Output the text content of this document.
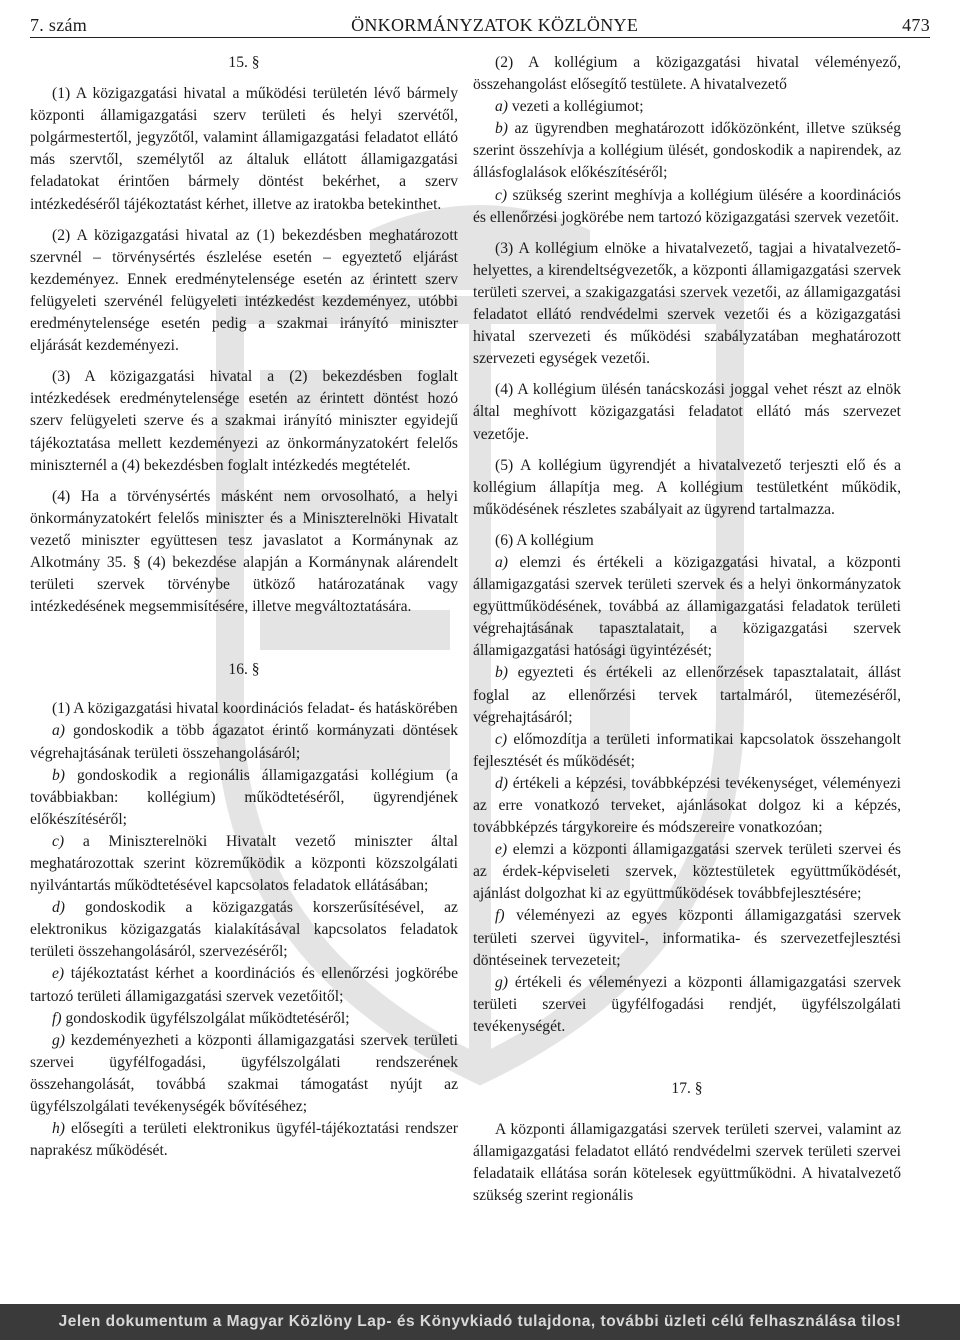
7. szám	ÖNKORMÁNYZATOK KÖZLÖNYE	473

15. §

(1) A közigazgatási hivatal a működési területén lévő bármely központi államigazgatási szerv területi és helyi szervétől, polgármestertől, jegyzőtől, valamint államigazgatási feladatot ellátó más szervtől, személytől az általuk ellátott államigazgatási feladatokat érintően bármely döntést bekérhet, a szerv intézkedéséről tájékoztatást kérhet, illetve az iratokba betekinthet.

(2) A közigazgatási hivatal az (1) bekezdésben meghatározott szervnél – törvénysértés észlelése esetén – egyeztető eljárást kezdeményez. Ennek eredménytelensége esetén az érintett szerv felügyeleti szervénél felügyeleti intézkedést kezdeményez, utóbbi eredménytelensége esetén pedig a szakmai irányító miniszter eljárását kezdeményezi.

(3) A közigazgatási hivatal a (2) bekezdésben foglalt intézkedések eredménytelensége esetén az érintett döntést hozó szerv felügyeleti szerve és a szakmai irányító miniszter egyidejű tájékoztatása mellett kezdeményezi az önkormányzatokért felelős miniszternél a (4) bekezdésben foglalt intézkedés megtételét.

(4) Ha a törvénysértés másként nem orvosolható, a helyi önkormányzatokért felelős miniszter és a Miniszterelnöki Hivatalt vezető miniszter együttesen tesz javaslatot a Kormánynak az Alkotmány 35. § (4) bekezdése alapján a Kormánynak alárendelt területi szervek törvénybe ütköző határozatának vagy intézkedésének megsemmisítésére, illetve megváltoztatására.

16. §

(1) A közigazgatási hivatal koordinációs feladat- és hatáskörében

a) gondoskodik a több ágazatot érintő kormányzati döntések végrehajtásának területi összehangolásáról;

b) gondoskodik a regionális államigazgatási kollégium (a továbbiakban: kollégium) működtetéséről, ügyrendjének előkészítéséről;

c) a Miniszterelnöki Hivatalt vezető miniszter által meghatározottak szerint közreműködik a központi közszolgálati nyilvántartás működtetésével kapcsolatos feladatok ellátásában;

d) gondoskodik a közigazgatás korszerűsítésével, az elektronikus közigazgatás kialakításával kapcsolatos feladatok területi összehangolásáról, szervezéséről;

e) tájékoztatást kérhet a koordinációs és ellenőrzési jogkörébe tartozó területi államigazgatási szervek vezetőitől;

f) gondoskodik ügyfélszolgálat működtetéséről;

g) kezdeményezheti a központi államigazgatási szervek területi szervei ügyfélfogadási, ügyfélszolgálati rendszerének összehangolását, továbbá szakmai támogatást nyújt az ügyfélszolgálati tevékenységék bővítéséhez;

h) elősegíti a területi elektronikus ügyfél-tájékoztatási rendszer naprakész működését.

(2) A kollégium a közigazgatási hivatal véleményező, összehangolást elősegítő testülete. A hivatalvezető

a) vezeti a kollégiumot;

b) az ügyrendben meghatározott időközönként, illetve szükség szerint összehívja a kollégium ülését, gondoskodik a napirendek, az állásfoglalások előkészítéséről;

c) szükség szerint meghívja a kollégium ülésére a koordinációs és ellenőrzési jogkörébe nem tartozó közigazgatási szervek vezetőit.

(3) A kollégium elnöke a hivatalvezető, tagjai a hivatalvezető-helyettes, a kirendeltségvezetők, a központi államigazgatási szervek területi szervei, a szakigazgatási szervek vezetői, az államigazgatási feladatot ellátó rendvédelmi szervek vezetői és a közigazgatási hivatal szervezeti és működési szabályzatában meghatározott szervezeti egységek vezetői.

(4) A kollégium ülésén tanácskozási joggal vehet részt az elnök által meghívott közigazgatási feladatot ellátó más szervezet vezetője.

(5) A kollégium ügyrendjét a hivatalvezető terjeszti elő és a kollégium állapítja meg. A kollégium testületként működik, működésének részletes szabályait az ügyrend tartalmazza.

(6) A kollégium

a) elemzi és értékeli a közigazgatási hivatal, a központi államigazgatási szervek területi szervek és a helyi önkormányzatok együttműködésének, továbbá az államigazgatási feladatok területi végrehajtásának tapasztalatait, a közigazgatási szervek államigazgatási hatósági ügyintézését;

b) egyezteti és értékeli az ellenőrzések tapasztalatait, állást foglal az ellenőrzési tervek tartalmáról, ütemezéséről, végrehajtásáról;

c) előmozdítja a területi informatikai kapcsolatok összehangolt fejlesztését és működését;

d) értékeli a képzési, továbbképzési tevékenységet, véleményezi az erre vonatkozó terveket, ajánlásokat dolgoz ki a képzés, továbbképzés tárgykoreire és módszereire vonatkozóan;

e) elemzi a központi államigazgatási szervek területi szervei és az érdek-képviseleti szervek, köztestületek együttműködését, ajánlást dolgozhat ki az együttműködések továbbfejlesztésére;

f) véleményezi az egyes központi államigazgatási szervek területi szervei ügyvitel-, informatika- és szervezetfejlesztési döntéseinek tervezeteit;

g) értékeli és véleményezi a központi államigazgatási szervek területi szervei ügyfélfogadási rendjét, ügyfélszolgálati tevékenységét.

17. §

A központi államigazgatási szervek területi szervei, valamint az államigazgatási feladatot ellátó rendvédelmi szervek területi szervei feladataik ellátása során kötelesek együttműködni. A hivatalvezető szükség szerint regionális

Jelen dokumentum a Magyar Közlöny Lap- és Könyvkiadó tulajdona, további üzleti célú felhasználása tilos!
